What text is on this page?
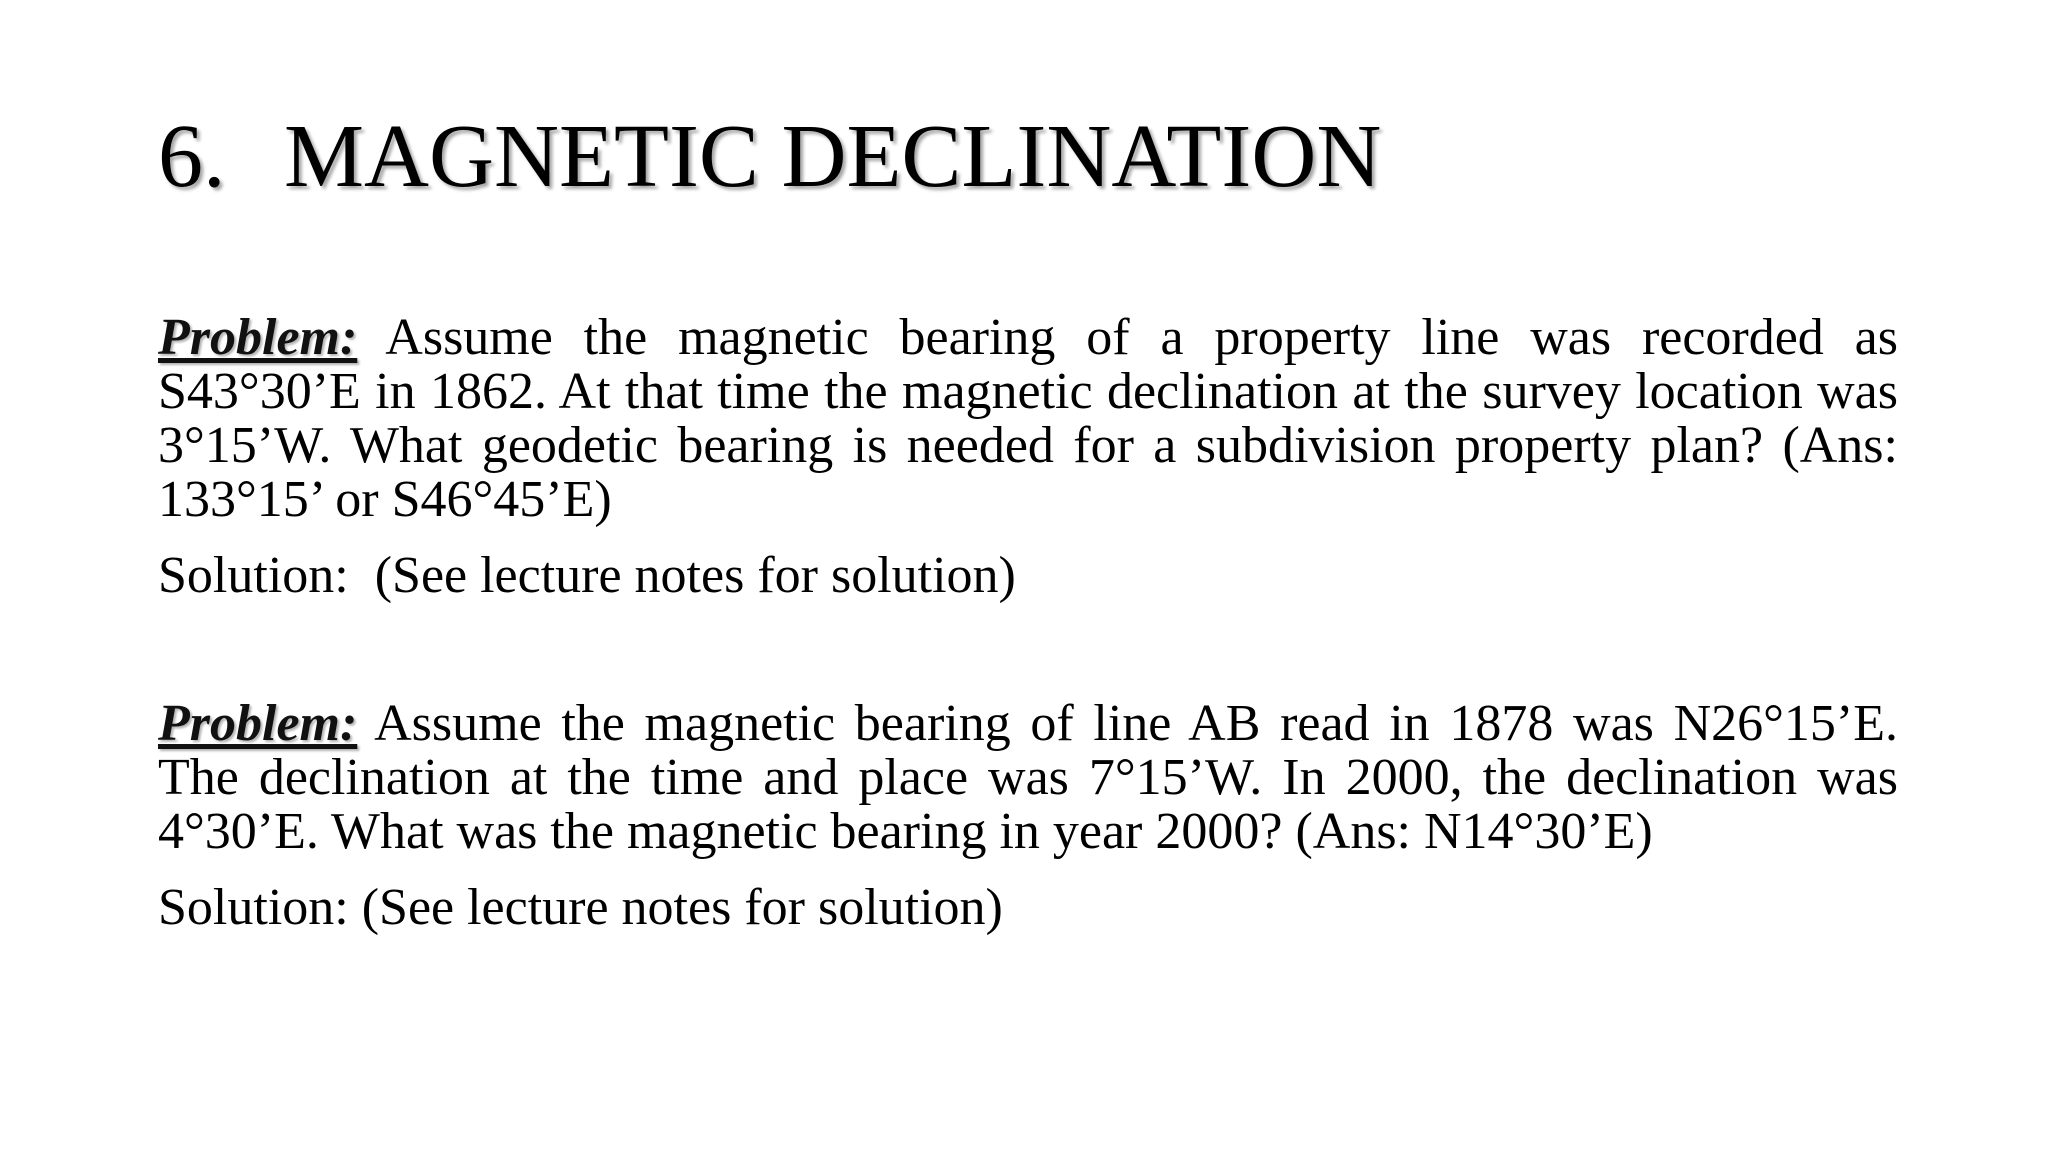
6. MAGNETIC DECLINATION

Problem: Assume the magnetic bearing of a property line was recorded as S43°30’E in 1862. At that time the magnetic declination at the survey location was 3°15’W. What geodetic bearing is needed for a subdivision property plan? (Ans: 133°15’ or S46°45’E)

Solution:  (See lecture notes for solution)

Problem: Assume the magnetic bearing of line AB read in 1878 was N26°15’E. The declination at the time and place was 7°15’W. In 2000, the declination was 4°30’E. What was the magnetic bearing in year 2000? (Ans: N14°30’E)

Solution: (See lecture notes for solution)
